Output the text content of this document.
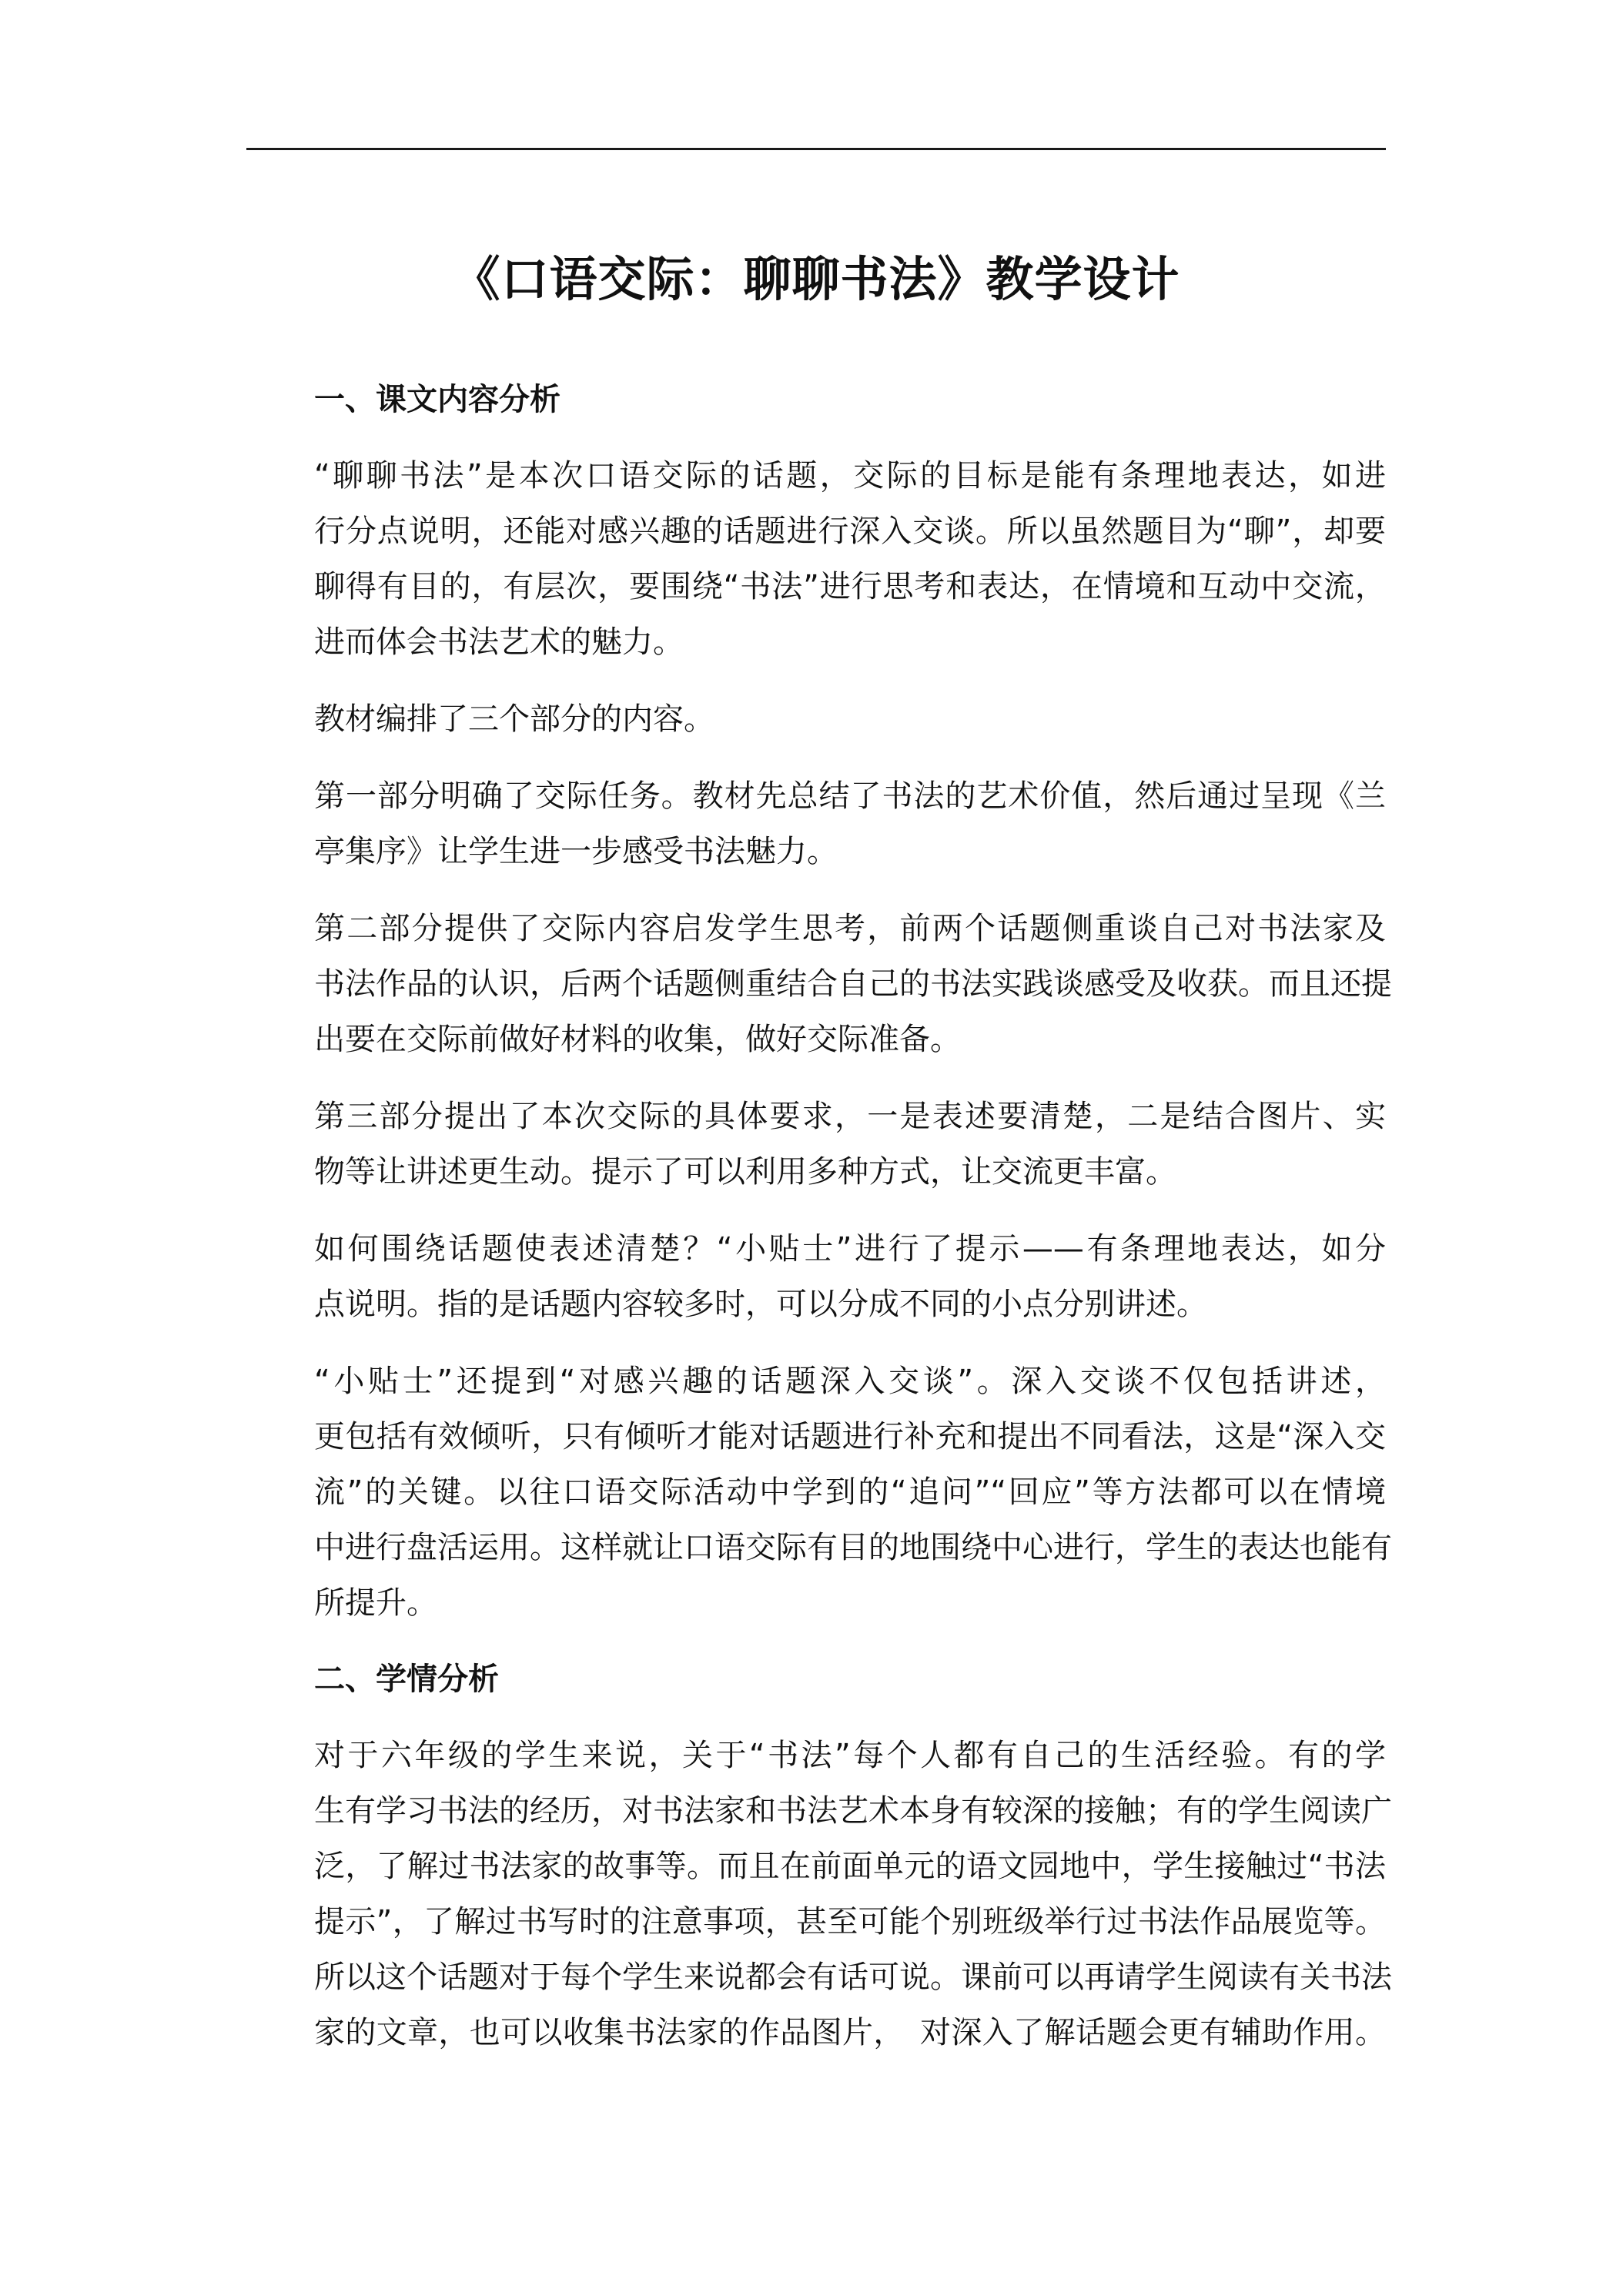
《口语交际：聊聊书法》教学设计
一、课文内容分析
“聊聊书法”是本次口语交际的话题，交际的目标是能有条理地表达，如进
行分点说明，还能对感兴趣的话题进行深入交谈。所以虽然题目为“聊”，却要
聊得有目的，有层次，要围绕“书法”进行思考和表达，在情境和互动中交流，
进而体会书法艺术的魅力。
教材编排了三个部分的内容。
第一部分明确了交际任务。教材先总结了书法的艺术价值，然后通过呈现《兰
亭集序》让学生进一步感受书法魅力。
第二部分提供了交际内容启发学生思考，前两个话题侧重谈自己对书法家及
书法作品的认识，后两个话题侧重结合自己的书法实践谈感受及收获。而且还提
出要在交际前做好材料的收集，做好交际准备。
第三部分提出了本次交际的具体要求，一是表述要清楚，二是结合图片、实
物等让讲述更生动。提示了可以利用多种方式，让交流更丰富。
如何围绕话题使表述清楚？“小贴士”进行了提示——有条理地表达，如分
点说明。指的是话题内容较多时，可以分成不同的小点分别讲述。
“小贴士”还提到“对感兴趣的话题深入交谈”。深入交谈不仅包括讲述，
更包括有效倾听，只有倾听才能对话题进行补充和提出不同看法，这是“深入交
流”的关键。以往口语交际活动中学到的“追问”“回应”等方法都可以在情境
中进行盘活运用。这样就让口语交际有目的地围绕中心进行，学生的表达也能有
所提升。
二、学情分析
对于六年级的学生来说，关于“书法”每个人都有自己的生活经验。有的学
生有学习书法的经历，对书法家和书法艺术本身有较深的接触；有的学生阅读广
泛，了解过书法家的故事等。而且在前面单元的语文园地中，学生接触过“书法
提示”，了解过书写时的注意事项，甚至可能个别班级举行过书法作品展览等。
所以这个话题对于每个学生来说都会有话可说。课前可以再请学生阅读有关书法
家的文章，也可以收集书法家的作品图片，　对深入了解话题会更有辅助作用。
